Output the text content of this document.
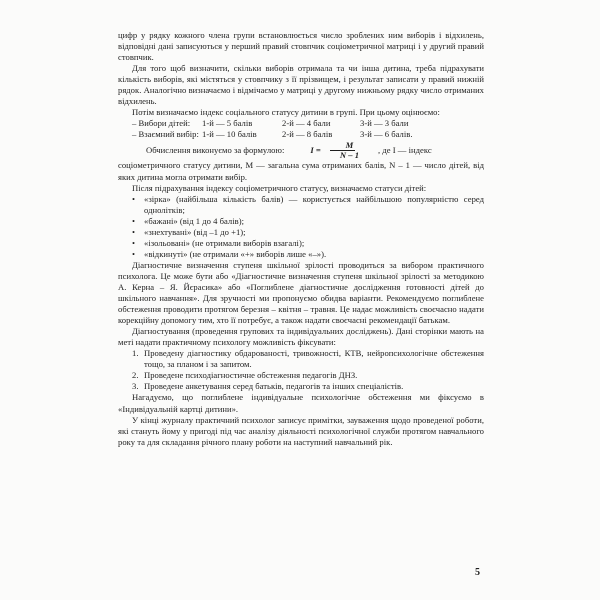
цифр у рядку кожного члена групи встановлюється число зроблених ним виборів і відхилень, відповідні дані записуються у перший правий стовпчик соціометричної матриці і у другий правий стовпчик.

Для того щоб визначити, скільки виборів отримала та чи інша дитина, треба підрахувати кількість виборів, які містяться у стовпчику з її прізвищем, і результат записати у правий нижній рядок. Аналогічно визначаємо і відмічаємо у матриці у другому нижньому рядку число отриманих відхилень.

Потім визначаємо індекс соціального статусу дитини в групі. При цьому оцінюємо:

– Вибори дітей:	1-й — 5 балів	2-й — 4 бали	3-й — 3 бали
– Взаємний вибір: 1-й — 10 балів	2-й — 8 балів	3-й — 6 балів.
Обчислення виконуємо за формулою:	$I = \frac{M}{N - 1}$	, де I — індекс

соціометричного статусу дитини, M — загальна сума отриманих балів, N – 1 — число дітей, від яких дитина могла отримати вибір.

Після підрахування індексу соціометричного статусу, визначаємо статуси дітей:

• «зірка» (найбільша кількість балів) — користується найбільшою популярністю серед однолітків;
• «бажані» (від 1 до 4 балів);
• «знехтувані» (від –1 до +1);
• «ізольовані» (не отримали виборів взагалі);
• «відкинуті» (не отримали «+» виборів лише «–»).

Діагностичне визначення ступеня шкільної зрілості проводиться за вибором практичного психолога. Це може бути або «Діагностичне визначення ступеня шкільної зрілості за методикою А. Керна – Я. Йєрасика» або «Поглиблене діагностичне дослідження готовності дітей до шкільного навчання». Для зручності ми пропонуємо обидва варіанти. Рекомендуємо поглиблене обстеження проводити протягом березня – квітня – травня. Це надає можливість своєчасно надати корекційну допомогу тим, хто її потребує, а також надати своєчасні рекомендації батькам.

Діагностування (проведення групових та індивідуальних досліджень). Дані сторінки мають на меті надати практичному психологу можливість фіксувати:

1. Проведену діагностику обдарованості, тривожності, КТВ, нейропсихологічне обстеження тощо, за планом і за запитом.
2. Проведене психодіагностичне обстеження педагогів ДНЗ.
3. Проведене анкетування серед батьків, педагогів та інших спеціалістів.

Нагадуємо, що поглиблене індивідуальне психологічне обстеження ми фіксуємо в «Індивідуальній картці дитини».

У кінці журналу практичний психолог записує примітки, зауваження щодо проведеної роботи, які стануть йому у пригоді під час аналізу діяльності психологічної служби протягом навчального року та для складання річного плану роботи на наступний навчальний рік.

5
